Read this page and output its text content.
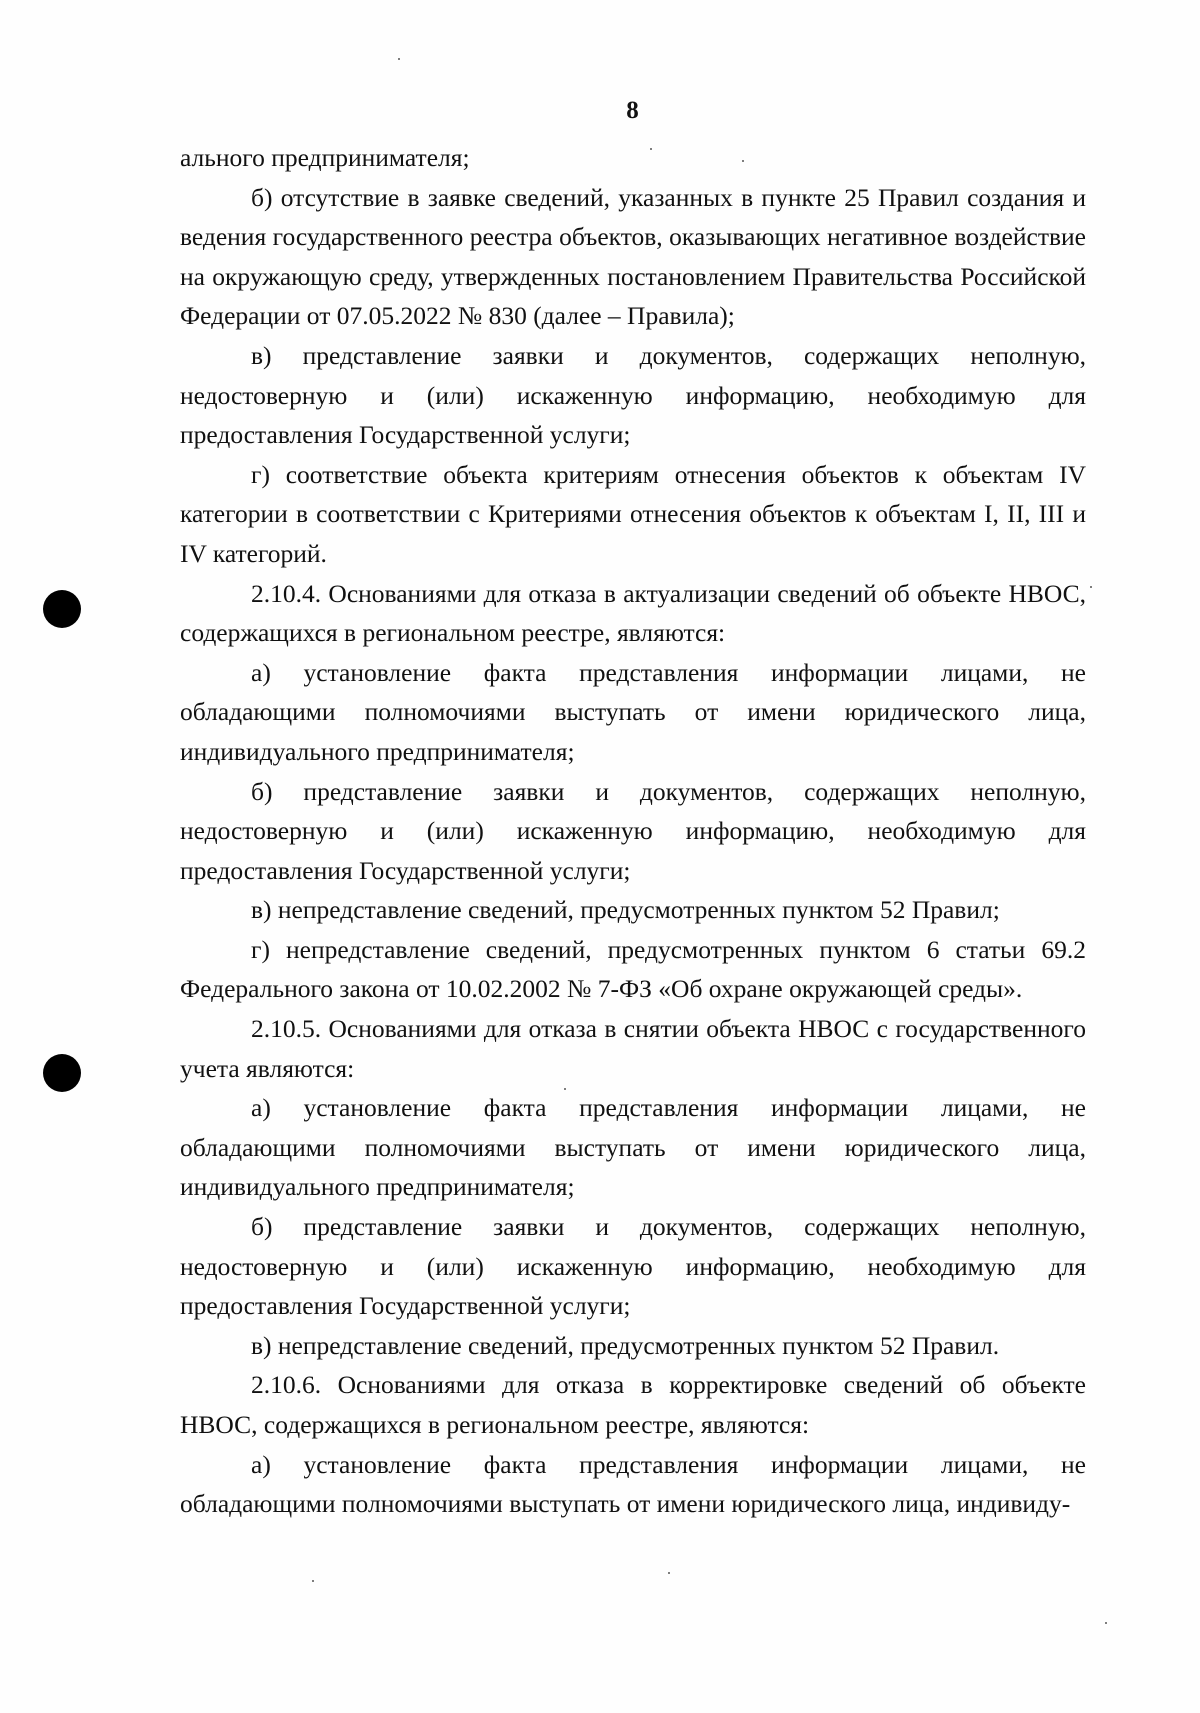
8

ального предпринимателя;

б) отсутствие в заявке сведений, указанных в пункте 25 Правил создания и ведения государственного реестра объектов, оказывающих негативное воздействие на окружающую среду, утвержденных постановлением Правительства Российской Федерации от 07.05.2022 № 830 (далее – Правила);

в) представление заявки и документов, содержащих неполную, недостоверную и (или) искаженную информацию, необходимую для предоставления Государственной услуги;

г) соответствие объекта критериям отнесения объектов к объектам IV категории в соответствии с Критериями отнесения объектов к объектам I, II, III и IV категорий.

2.10.4. Основаниями для отказа в актуализации сведений об объекте НВОС, содержащихся в региональном реестре, являются:

а) установление факта представления информации лицами, не обладающими полномочиями выступать от имени юридического лица, индивидуального предпринимателя;

б) представление заявки и документов, содержащих неполную, недостоверную и (или) искаженную информацию, необходимую для предоставления Государственной услуги;

в) непредставление сведений, предусмотренных пунктом 52 Правил;

г) непредставление сведений, предусмотренных пунктом 6 статьи 69.2 Федерального закона от 10.02.2002 № 7-ФЗ «Об охране окружающей среды».

2.10.5. Основаниями для отказа в снятии объекта НВОС с государственного учета являются:

а) установление факта представления информации лицами, не обладающими полномочиями выступать от имени юридического лица, индивидуального предпринимателя;

б) представление заявки и документов, содержащих неполную, недостоверную и (или) искаженную информацию, необходимую для предоставления Государственной услуги;

в) непредставление сведений, предусмотренных пунктом 52 Правил.

2.10.6. Основаниями для отказа в корректировке сведений об объекте НВОС, содержащихся в региональном реестре, являются:

а) установление факта представления информации лицами, не обладающими полномочиями выступать от имени юридического лица, индивиду-
